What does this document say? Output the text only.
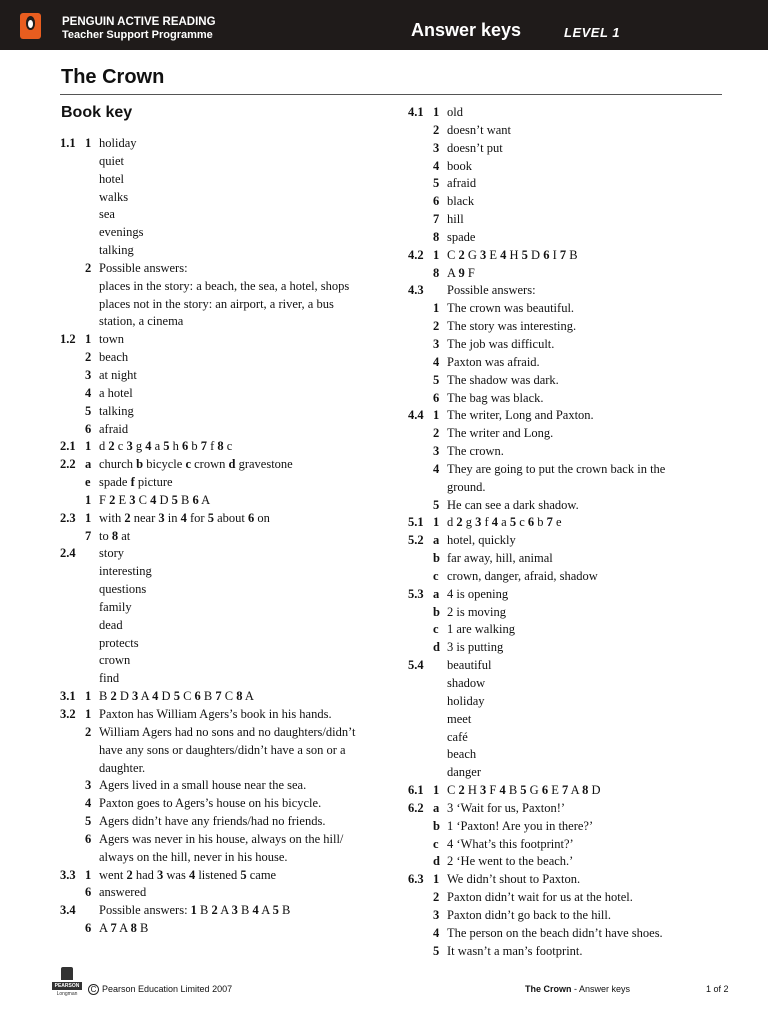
PENGUIN ACTIVE READING
Teacher Support Programme	Answer keys	LEVEL 1
The Crown
Book key
1.1 1 holiday
quiet
hotel
walks
sea
evenings
talking
2 Possible answers:
places in the story: a beach, the sea, a hotel, shops
places not in the story: an airport, a river, a bus
station, a cinema
1.2 1 town
2 beach
3 at night
4 a hotel
5 talking
6 afraid
2.1 1 d 2 c 3 g 4 a 5 h 6 b 7 f 8 c
2.2 a church b bicycle c crown d gravestone
e spade f picture
1 F 2 E 3 C 4 D 5 B 6 A
2.3 1 with 2 near 3 in 4 for 5 about 6 on
7 to 8 at
2.4 story
interesting
questions
family
dead
protects
crown
find
3.1 1 B 2 D 3 A 4 D 5 C 6 B 7 C 8 A
3.2 1 Paxton has William Agers’s book in his hands.
2 William Agers had no sons and no daughters/didn’t
have any sons or daughters/didn’t have a son or a
daughter.
3 Agers lived in a small house near the sea.
4 Paxton goes to Agers’s house on his bicycle.
5 Agers didn’t have any friends/had no friends.
6 Agers was never in his house, always on the hill/
always on the hill, never in his house.
3.3 1 went 2 had 3 was 4 listened 5 came
6 answered
3.4 Possible answers: 1 B 2 A 3 B 4 A 5 B
6 A 7 A 8 B
4.1 1 old
2 doesn’t want
3 doesn’t put
4 book
5 afraid
6 black
7 hill
8 spade
4.2 1 C 2 G 3 E 4 H 5 D 6 I 7 B
8 A 9 F
4.3 Possible answers:
1 The crown was beautiful.
2 The story was interesting.
3 The job was difficult.
4 Paxton was afraid.
5 The shadow was dark.
6 The bag was black.
4.4 1 The writer, Long and Paxton.
2 The writer and Long.
3 The crown.
4 They are going to put the crown back in the
ground.
5 He can see a dark shadow.
5.1 1 d 2 g 3 f 4 a 5 c 6 b 7 e
5.2 a hotel, quickly
b far away, hill, animal
c crown, danger, afraid, shadow
5.3 a 4 is opening
b 2 is moving
c 1 are walking
d 3 is putting
5.4 beautiful
shadow
holiday
meet
café
beach
danger
6.1 1 C 2 H 3 F 4 B 5 G 6 E 7 A 8 D
6.2 a 3 ‘Wait for us, Paxton!’
b 1 ‘Paxton! Are you in there?’
c 4 ‘What’s this footprint?’
d 2 ‘He went to the beach.’
6.3 1 We didn’t shout to Paxton.
2 Paxton didn’t wait for us at the hotel.
3 Paxton didn’t go back to the hill.
4 The person on the beach didn’t have shoes.
5 It wasn’t a man’s footprint.
PEARSON
Longman	C Pearson Education Limited 2007	The Crown - Answer keys	1 of 2
